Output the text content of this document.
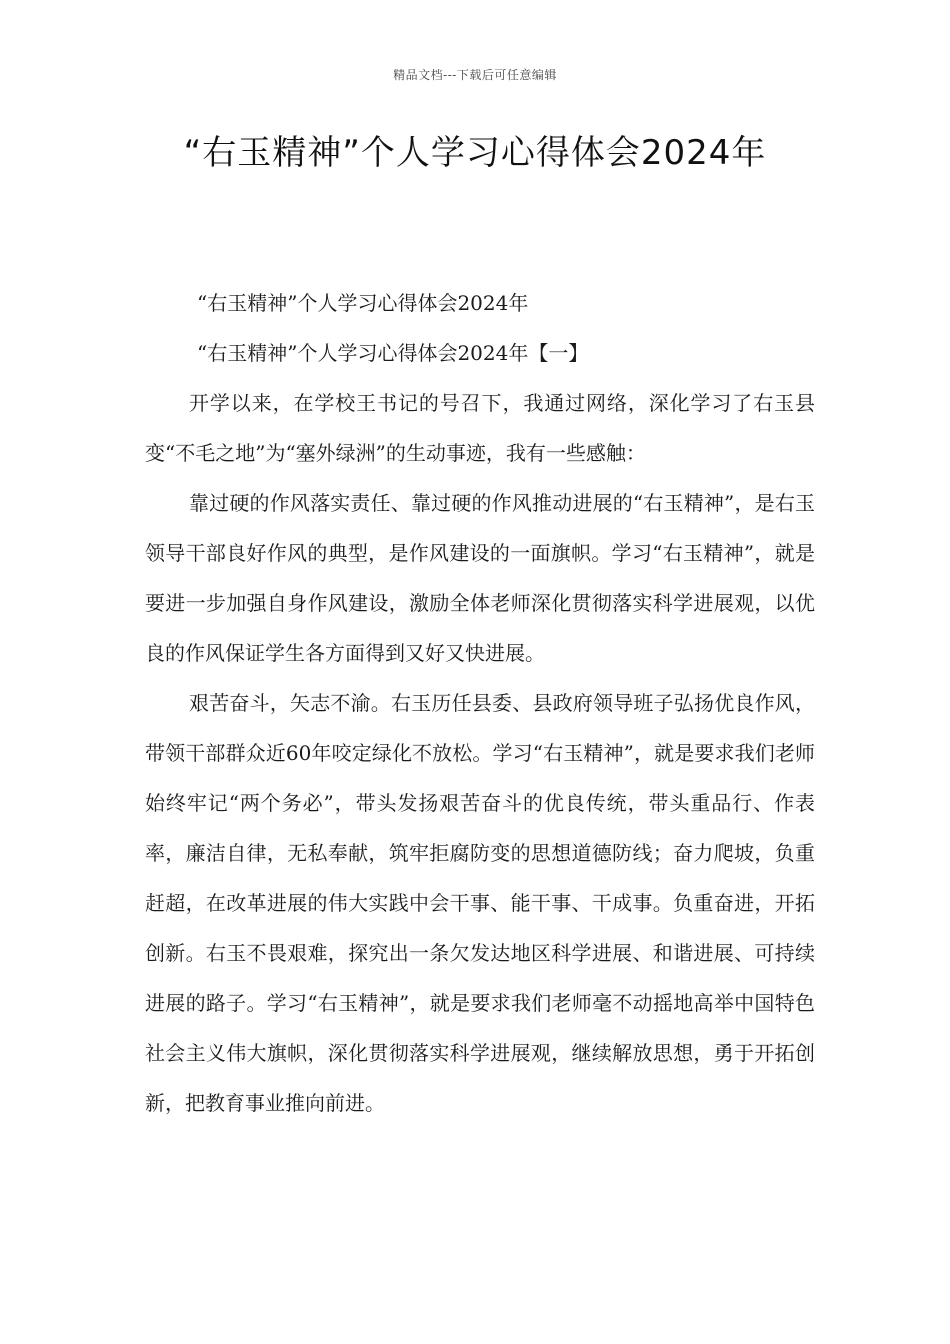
精品文档---下载后可任意编辑
“右玉精神”个人学习心得体会2024年

“右玉精神”个人学习心得体会2024年

“右玉精神”个人学习心得体会2024年【一】

开学以来，在学校王书记的号召下，我通过网络，深化学习了右玉县变“不毛之地”为“塞外绿洲”的生动事迹，我有一些感触：

靠过硬的作风落实责任、靠过硬的作风推动进展的“右玉精神”，是右玉领导干部良好作风的典型，是作风建设的一面旗帜。学习“右玉精神”，就是要进一步加强自身作风建设，激励全体老师深化贯彻落实科学进展观，以优良的作风保证学生各方面得到又好又快进展。

艰苦奋斗，矢志不渝。右玉历任县委、县政府领导班子弘扬优良作风，带领干部群众近60年咬定绿化不放松。学习“右玉精神”，就是要求我们老师始终牢记“两个务必”，带头发扬艰苦奋斗的优良传统，带头重品行、作表率，廉洁自律，无私奉献，筑牢拒腐防变的思想道德防线；奋力爬坡，负重赶超，在改革进展的伟大实践中会干事、能干事、干成事。负重奋进，开拓创新。右玉不畏艰难，探究出一条欠发达地区科学进展、和谐进展、可持续进展的路子。学习“右玉精神”，就是要求我们老师毫不动摇地高举中国特色社会主义伟大旗帜，深化贯彻落实科学进展观，继续解放思想，勇于开拓创新，把教育事业推向前进。
